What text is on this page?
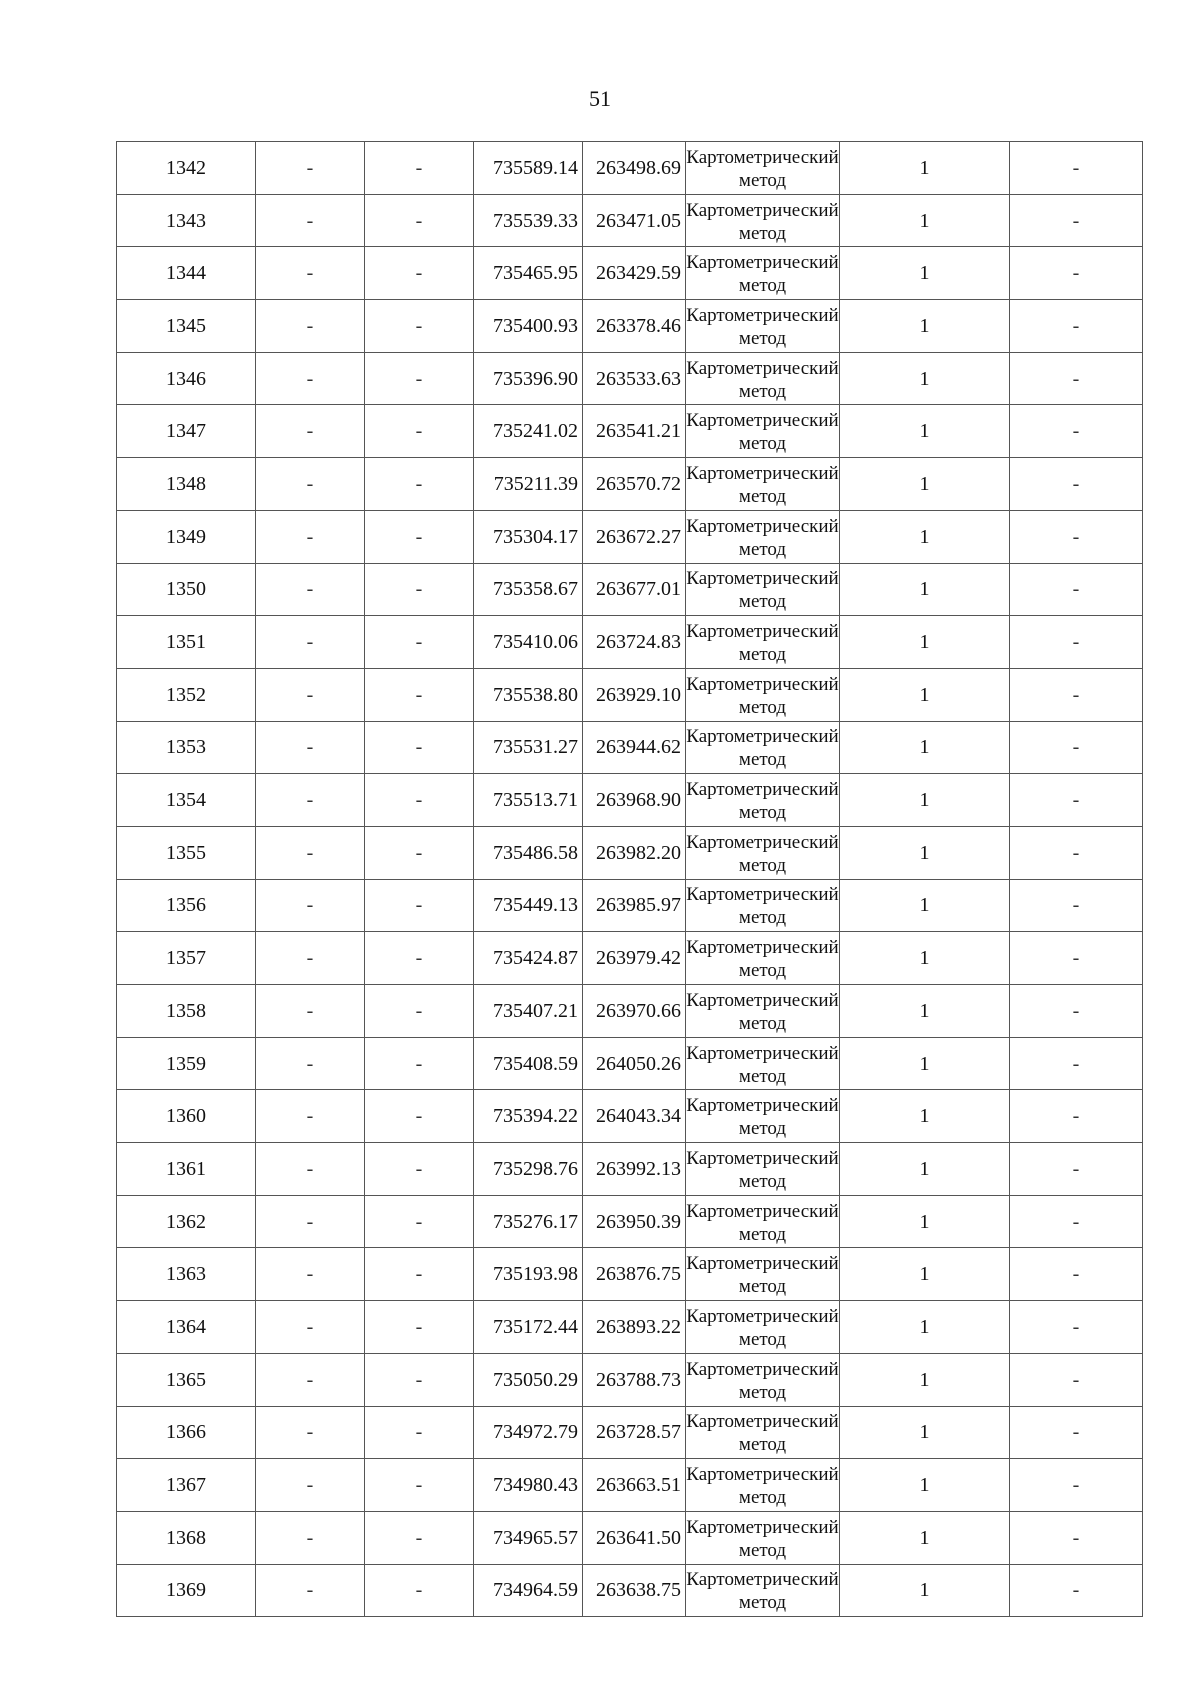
51
1342	-	-	735589.14	263498.69	Картометрический метод	1	-
1343	-	-	735539.33	263471.05	Картометрический метод	1	-
1344	-	-	735465.95	263429.59	Картометрический метод	1	-
1345	-	-	735400.93	263378.46	Картометрический метод	1	-
1346	-	-	735396.90	263533.63	Картометрический метод	1	-
1347	-	-	735241.02	263541.21	Картометрический метод	1	-
1348	-	-	735211.39	263570.72	Картометрический метод	1	-
1349	-	-	735304.17	263672.27	Картометрический метод	1	-
1350	-	-	735358.67	263677.01	Картометрический метод	1	-
1351	-	-	735410.06	263724.83	Картометрический метод	1	-
1352	-	-	735538.80	263929.10	Картометрический метод	1	-
1353	-	-	735531.27	263944.62	Картометрический метод	1	-
1354	-	-	735513.71	263968.90	Картометрический метод	1	-
1355	-	-	735486.58	263982.20	Картометрический метод	1	-
1356	-	-	735449.13	263985.97	Картометрический метод	1	-
1357	-	-	735424.87	263979.42	Картометрический метод	1	-
1358	-	-	735407.21	263970.66	Картометрический метод	1	-
1359	-	-	735408.59	264050.26	Картометрический метод	1	-
1360	-	-	735394.22	264043.34	Картометрический метод	1	-
1361	-	-	735298.76	263992.13	Картометрический метод	1	-
1362	-	-	735276.17	263950.39	Картометрический метод	1	-
1363	-	-	735193.98	263876.75	Картометрический метод	1	-
1364	-	-	735172.44	263893.22	Картометрический метод	1	-
1365	-	-	735050.29	263788.73	Картометрический метод	1	-
1366	-	-	734972.79	263728.57	Картометрический метод	1	-
1367	-	-	734980.43	263663.51	Картометрический метод	1	-
1368	-	-	734965.57	263641.50	Картометрический метод	1	-
1369	-	-	734964.59	263638.75	Картометрический метод	1	-
